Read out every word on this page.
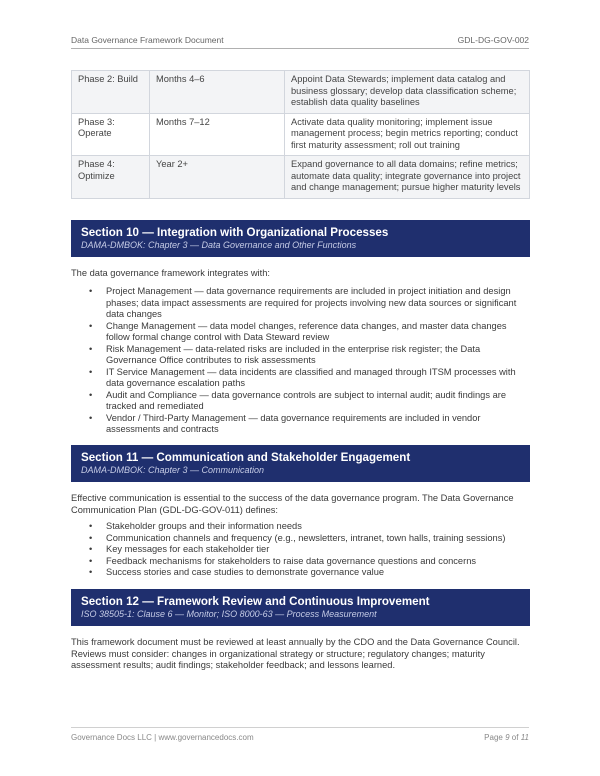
Data Governance Framework Document	GDL-DG-GOV-002
Phase 2: Build	Months 4–6	Appoint Data Stewards; implement data catalog and business glossary; develop data classification scheme; establish data quality baselines
Phase 3: Operate	Months 7–12	Activate data quality monitoring; implement issue management process; begin metrics reporting; conduct first maturity assessment; roll out training
Phase 4: Optimize	Year 2+	Expand governance to all data domains; refine metrics; automate data quality; integrate governance into project and change management; pursue higher maturity levels
Section 10 — Integration with Organizational Processes
DAMA-DMBOK: Chapter 3 — Data Governance and Other Functions

The data governance framework integrates with:

•	Project Management — data governance requirements are included in project initiation and design phases; data impact assessments are required for projects involving new data sources or significant data changes
•	Change Management — data model changes, reference data changes, and master data changes follow formal change control with Data Steward review
•	Risk Management — data-related risks are included in the enterprise risk register; the Data Governance Office contributes to risk assessments
•	IT Service Management — data incidents are classified and managed through ITSM processes with data governance escalation paths
•	Audit and Compliance — data governance controls are subject to internal audit; audit findings are tracked and remediated
•	Vendor / Third-Party Management — data governance requirements are included in vendor assessments and contracts
Section 11 — Communication and Stakeholder Engagement
DAMA-DMBOK: Chapter 3 — Communication

Effective communication is essential to the success of the data governance program. The Data Governance Communication Plan (GDL-DG-GOV-011) defines:

•	Stakeholder groups and their information needs
•	Communication channels and frequency (e.g., newsletters, intranet, town halls, training sessions)
•	Key messages for each stakeholder tier
•	Feedback mechanisms for stakeholders to raise data governance questions and concerns
•	Success stories and case studies to demonstrate governance value
Section 12 — Framework Review and Continuous Improvement
ISO 38505-1: Clause 6 — Monitor; ISO 8000-63 — Process Measurement

This framework document must be reviewed at least annually by the CDO and the Data Governance Council. Reviews must consider: changes in organizational strategy or structure; regulatory changes; maturity assessment results; audit findings; stakeholder feedback; and lessons learned.

Governance Docs LLC | www.governancedocs.com	Page 9 of 11
